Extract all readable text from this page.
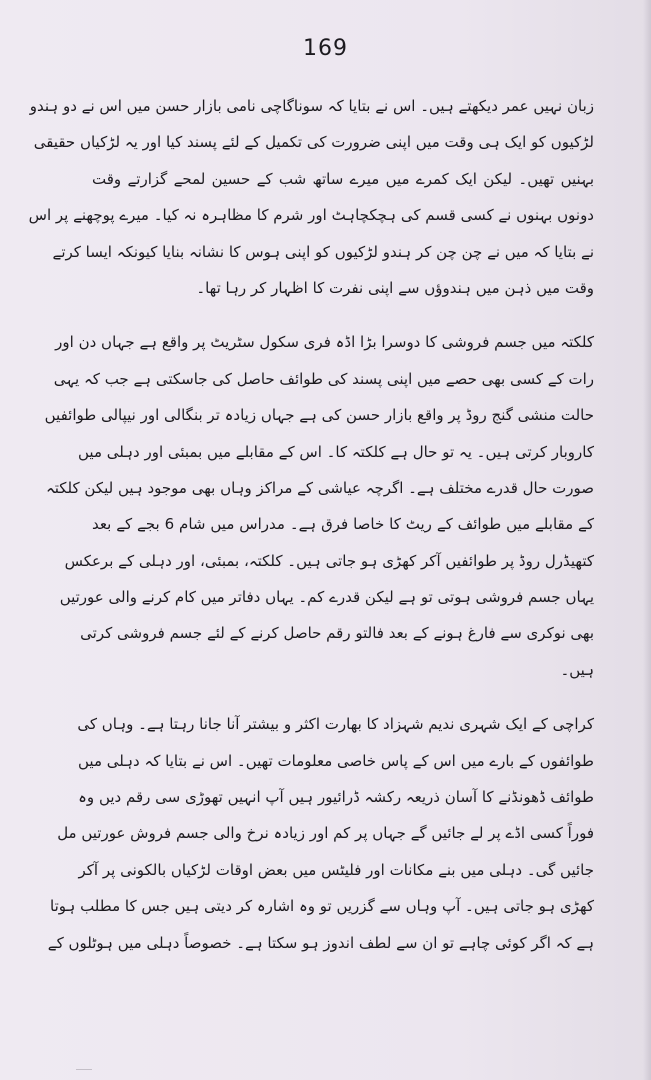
169

زبان نہیں عمر دیکھتے ہیں۔ اس نے بتایا کہ سوناگاچی نامی بازار حسن میں اس نے دو ہندو
لڑکیوں کو ایک ہی وقت میں اپنی ضرورت کی تکمیل کے لئے پسند کیا اور یہ لڑکیاں حقیقی
بہنیں تھیں۔ لیکن ایک کمرے میں میرے ساتھ شب کے حسین لمحے گزارتے وقت
دونوں بہنوں نے کسی قسم کی ہچکچاہٹ اور شرم کا مظاہرہ نہ کیا۔ میرے پوچھنے پر اس
نے بتایا کہ میں نے چن چن کر ہندو لڑکیوں کو اپنی ہوس کا نشانہ بنایا کیونکہ ایسا کرتے
وقت میں ذہن میں ہندوؤں سے اپنی نفرت کا اظہار کر رہا تھا۔

کلکتہ میں جسم فروشی کا دوسرا بڑا اڈہ فری سکول سٹریٹ پر واقع ہے جہاں دن اور
رات کے کسی بھی حصے میں اپنی پسند کی طوائف حاصل کی جاسکتی ہے جب کہ یہی
حالت منشی گنج روڈ پر واقع بازار حسن کی ہے جہاں زیادہ تر بنگالی اور نیپالی طوائفیں
کاروبار کرتی ہیں۔ یہ تو حال ہے کلکتہ کا۔ اس کے مقابلے میں بمبئی اور دہلی میں
صورت حال قدرے مختلف ہے۔ اگرچہ عیاشی کے مراکز وہاں بھی موجود ہیں لیکن کلکتہ
کے مقابلے میں طوائف کے ریٹ کا خاصا فرق ہے۔ مدراس میں شام 6 بجے کے بعد
کتھیڈرل روڈ پر طوائفیں آکر کھڑی ہو جاتی ہیں۔ کلکتہ، بمبئی، اور دہلی کے برعکس
یہاں جسم فروشی ہوتی تو ہے لیکن قدرے کم۔ یہاں دفاتر میں کام کرنے والی عورتیں
بھی نوکری سے فارغ ہونے کے بعد فالتو رقم حاصل کرنے کے لئے جسم فروشی کرتی
ہیں۔

کراچی کے ایک شہری ندیم شہزاد کا بھارت اکثر و بیشتر آنا جانا رہتا ہے۔ وہاں کی
طوائفوں کے بارے میں اس کے پاس خاصی معلومات تھیں۔ اس نے بتایا کہ دہلی میں
طوائف ڈھونڈنے کا آسان ذریعہ رکشہ ڈرائیور ہیں آپ انہیں تھوڑی سی رقم دیں وہ
فوراً کسی اڈے پر لے جائیں گے جہاں پر کم اور زیادہ نرخ والی جسم فروش عورتیں مل
جائیں گی۔ دہلی میں بنے مکانات اور فلیٹس میں بعض اوقات لڑکیاں بالکونی پر آکر
کھڑی ہو جاتی ہیں۔ آپ وہاں سے گزریں تو وہ اشارہ کر دیتی ہیں جس کا مطلب ہوتا
ہے کہ اگر کوئی چاہے تو ان سے لطف اندوز ہو سکتا ہے۔ خصوصاً دہلی میں ہوٹلوں کے
